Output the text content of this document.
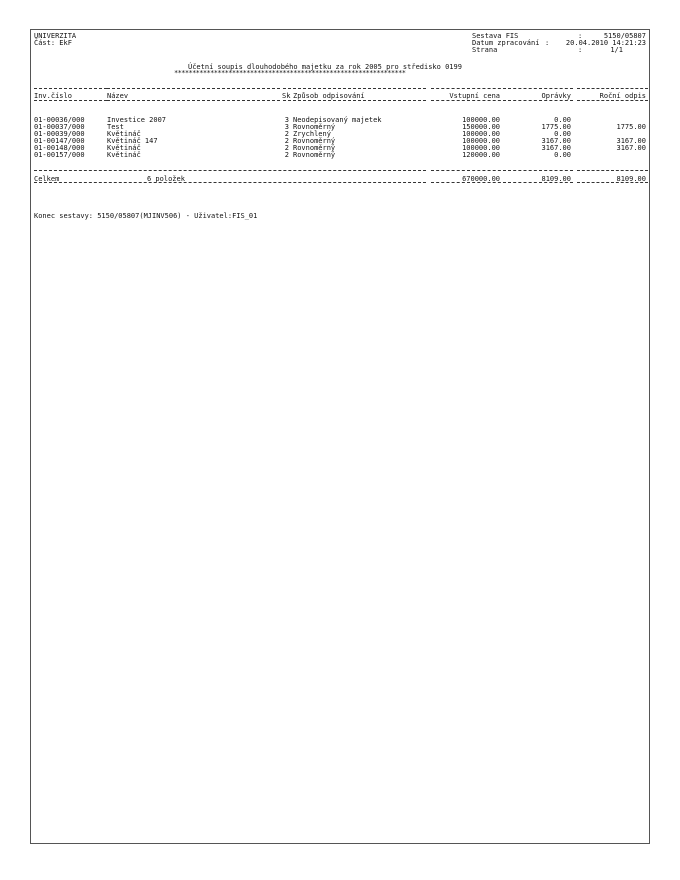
UNIVERZITA
Část: EkF
Sestava FIS	:	5150/05807
Datum zpracování : 20.04.2010 14:21:23
Strana	:	1/1
Účetní soupis dlouhodobého majetku za rok 2005 pro středisko 0199
****************************************************************
Inv.číslo	Název	Sk Způsob odpisování	Vstupní cena	Oprávky	Roční odpis
01-00036/000	Investice 2007	3 Neodepisovaný majetek	100000.00	0.00
01-00037/000	Test	3 Rovnoměrný	150000.00	1775.00	1775.00
01-00039/000	Květináč	2 Zrychlený	100000.00	0.00
01-00147/000	Květináč 147	2 Rovnoměrný	100000.00	3167.00	3167.00
01-00148/000	Květináč	2 Rovnoměrný	100000.00	3167.00	3167.00
01-00157/000	Květináč	2 Rovnoměrný	120000.00	0.00
Celkem	6 položek	670000.00	8109.00	8109.00
Konec sestavy: 5150/05807(MJINV506) - Uživatel:FIS_01
